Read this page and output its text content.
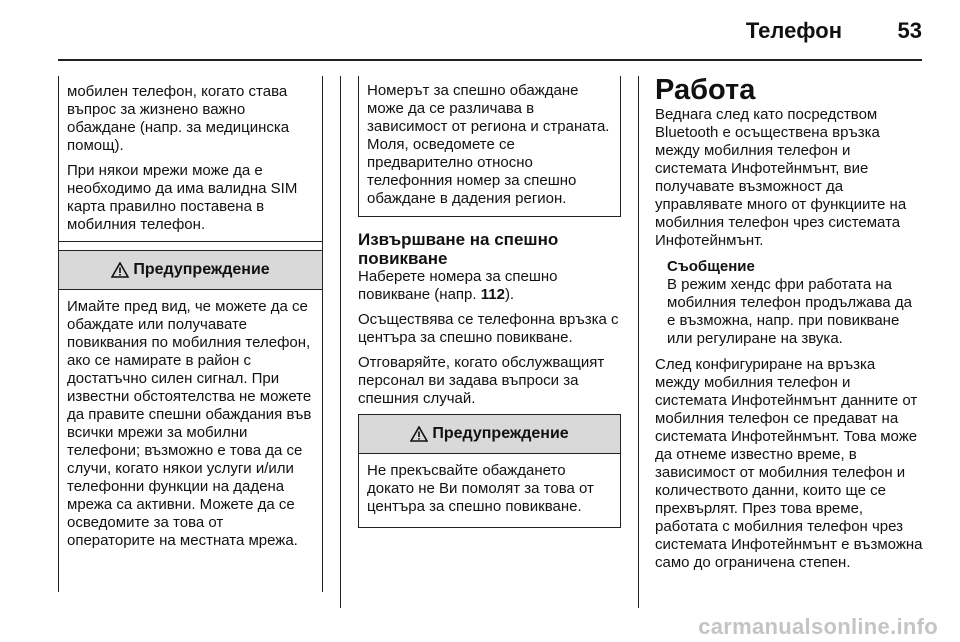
Телефон	53

мобилен телефон, когато става въпрос за жизнено важно обаждане (напр. за медицинска помощ).

При някои мрежи може да е необходимо да има валидна SIM карта правилно поставена в мобилния телефон.

Предупреждение

Имайте пред вид, че можете да се обаждате или получавате повиквания по мобилния телефон, ако се намирате в район с достатъчно силен сигнал. При известни обстоятелства не можете да правите спешни обаждания във всички мрежи за мобилни телефони; възможно е това да се случи, когато някои услуги и/или телефонни функции на дадена мрежа са активни. Можете да се осведомите за това от операторите на местната мрежа.

Номерът за спешно обаждане може да се различава в зависимост от региона и страната. Моля, осведомете се предварително относно телефонния номер за спешно обаждане в дадения регион.

Извършване на спешно повикване

Наберете номера за спешно повикване (напр. 112).

Осъществява се телефонна връзка с центъра за спешно повикване.

Отговаряйте, когато обслужващият персонал ви задава въпроси за спешния случай.

Предупреждение

Не прекъсвайте обаждането докато не Ви помолят за това от центъра за спешно повикване.

Работа

Веднага след като посредством Bluetooth е осъществена връзка между мобилния телефон и системата Инфотейнмънт, вие получавате възможност да управлявате много от функциите на мобилния телефон чрез системата Инфотейнмънт.

Съобщение

В режим хендс фри работата на мобилния телефон продължава да е възможна, напр. при повикване или регулиране на звука.

След конфигуриране на връзка между мобилния телефон и системата Инфотейнмънт данните от мобилния телефон се предават на системата Инфотейнмънт. Това може да отнеме известно време, в зависимост от мобилния телефон и количеството данни, които ще се прехвърлят. През това време, работата с мобилния телефон чрез системата Инфотейнмънт е възможна само до ограничена степен.

carmanualsonline.info
